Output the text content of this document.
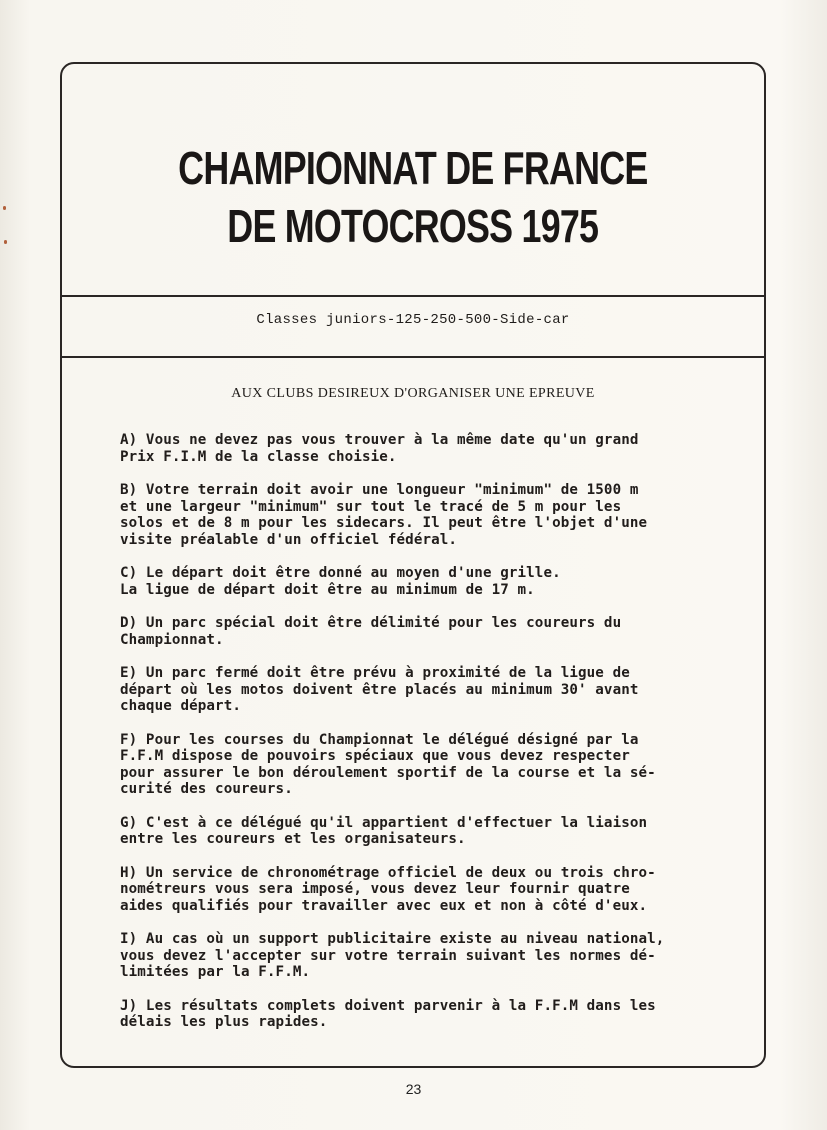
CHAMPIONNAT DE FRANCE
DE MOTOCROSS 1975
Classes juniors-125-250-500-Side-car
AUX CLUBS DESIREUX D'ORGANISER UNE EPREUVE
A) Vous ne devez pas vous trouver à la même date qu'un grand
Prix F.I.M de la classe choisie.
B) Votre terrain doit avoir une longueur "minimum" de 1500 m
et une largeur "minimum" sur tout le tracé de 5 m pour les
solos et de 8 m pour les sidecars. Il peut être l'objet d'une
visite préalable d'un officiel fédéral.
C) Le départ doit être donné au moyen d'une grille.
La ligue de départ doit être au minimum de 17 m.
D) Un parc spécial doit être délimité pour les coureurs du
Championnat.
E) Un parc fermé doit être prévu à proximité de la ligue de
départ où les motos doivent être placés au minimum 30' avant
chaque départ.
F) Pour les courses du Championnat le délégué désigné par la
F.F.M dispose de pouvoirs spéciaux que vous devez respecter
pour assurer le bon déroulement sportif de la course et la sé-
curité des coureurs.
G) C'est à ce délégué qu'il appartient d'effectuer la liaison
entre les coureurs et les organisateurs.
H) Un service de chronométrage officiel de deux ou trois chro-
nométreurs vous sera imposé, vous devez leur fournir quatre
aides qualifiés pour travailler avec eux et non à côté d'eux.
I) Au cas où un support publicitaire existe au niveau national,
vous devez l'accepter sur votre terrain suivant les normes dé-
limitées par la F.F.M.
J) Les résultats complets doivent parvenir à la F.F.M dans les
délais les plus rapides.
23
